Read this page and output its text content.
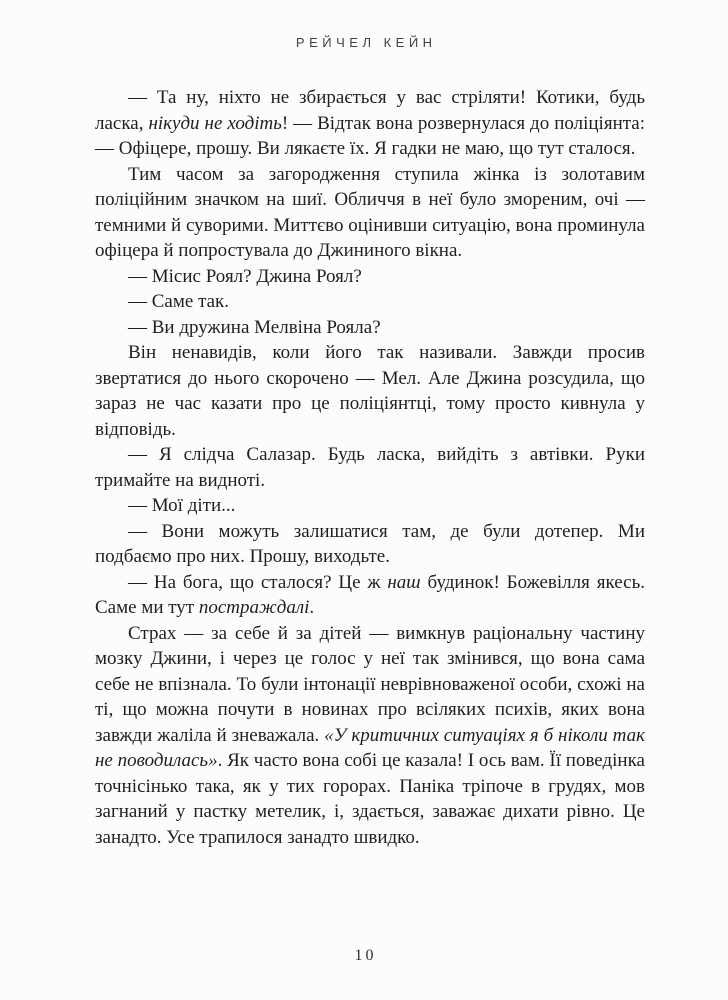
РЕЙЧЕЛ КЕЙН

— Та ну, ніхто не збирається у вас стріляти! Котики, будь ласка, нікуди не ходіть! — Відтак вона розвернулася до поліціянта: — Офіцере, прошу. Ви лякаєте їх. Я гадки не маю, що тут сталося.

Тим часом за загородження ступила жінка із золотавим поліційним значком на шиї. Обличчя в неї було змореним, очі — темними й суворими. Миттєво оцінивши ситуацію, вона проминула офіцера й попростувала до Джининого вікна.

— Місис Роял? Джина Роял?

— Саме так.

— Ви дружина Мелвіна Рояла?

Він ненавидів, коли його так називали. Завжди просив звертатися до нього скорочено — Мел. Але Джина розсудила, що зараз не час казати про це поліціянтці, тому просто кивнула у відповідь.

— Я слідча Салазар. Будь ласка, вийдіть з автівки. Руки тримайте на видноті.

— Мої діти...

— Вони можуть залишатися там, де були дотепер. Ми подбаємо про них. Прошу, виходьте.

— На бога, що сталося? Це ж наш будинок! Божевілля якесь. Саме ми тут постраждалі.

Страх — за себе й за дітей — вимкнув раціональну частину мозку Джини, і через це голос у неї так змінився, що вона сама себе не впізнала. То були інтонації неврівноваженої особи, схожі на ті, що можна почути в новинах про всіляких психів, яких вона завжди жаліла й зневажала. «У критичних ситуаціях я б ніколи так не поводилась». Як часто вона собі це казала! І ось вам. Її поведінка точнісінько така, як у тих горорах. Паніка тріпоче в грудях, мов загнаний у пастку метелик, і, здається, заважає дихати рівно. Це занадто. Усе трапилося занадто швидко.

10
